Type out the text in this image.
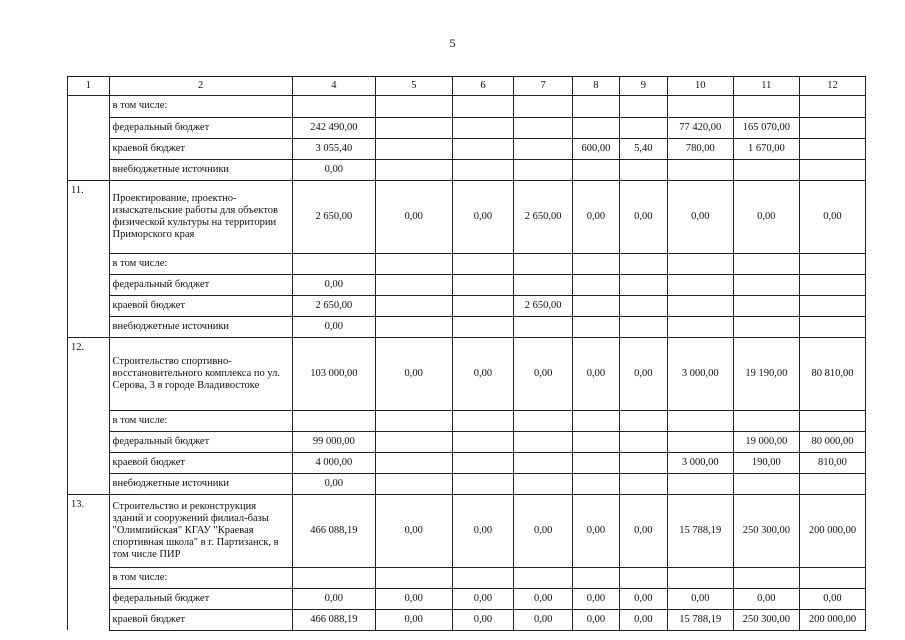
5
1	2	4	5	6	7	8	9	10	11	12
	в том числе:									
	федеральный бюджет	242 490,00						77 420,00	165 070,00	
	краевой бюджет	3 055,40				600,00	5,40	780,00	1 670,00	
	внебюджетные источники	0,00								
11.	Проектирование, проектно-изыскательские работы для объектов физической культуры на территории Приморского края	2 650,00	0,00	0,00	2 650,00	0,00	0,00	0,00	0,00	0,00
	в том числе:									
	федеральный бюджет	0,00								
	краевой бюджет	2 650,00			2 650,00					
	внебюджетные источники	0,00								
12.	Строительство спортивно-восстановительного комплекса по ул. Серова, 3 в городе Владивостоке	103 000,00	0,00	0,00	0,00	0,00	0,00	3 000,00	19 190,00	80 810,00
	в том числе:									
	федеральный бюджет	99 000,00							19 000,00	80 000,00
	краевой бюджет	4 000,00						3 000,00	190,00	810,00
	внебюджетные источники	0,00								
13.	Строительство и реконструкция зданий и сооружений филиал-базы "Олимпийская" КГАУ "Краевая спортивная школа" в г. Партизанск, в том числе ПИР	466 088,19	0,00	0,00	0,00	0,00	0,00	15 788,19	250 300,00	200 000,00
	в том числе:									
	федеральный бюджет	0,00	0,00	0,00	0,00	0,00	0,00	0,00	0,00	0,00
	краевой бюджет	466 088,19	0,00	0,00	0,00	0,00	0,00	15 788,19	250 300,00	200 000,00
